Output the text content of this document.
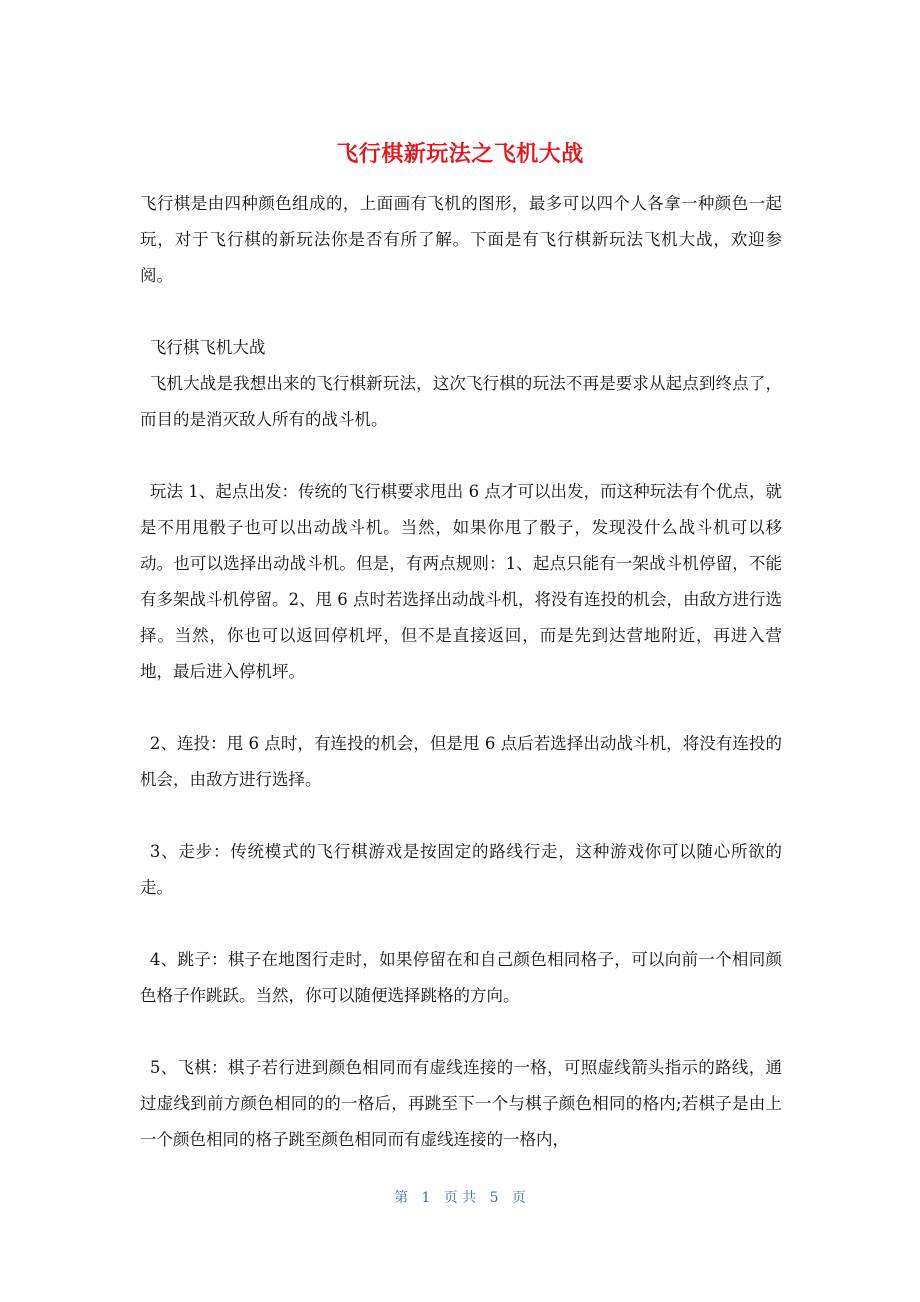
飞行棋新玩法之飞机大战

飞行棋是由四种颜色组成的，上面画有飞机的图形，最多可以四个人各拿一种颜色一起玩，对于飞行棋的新玩法你是否有所了解。下面是有飞行棋新玩法飞机大战，欢迎参阅。

飞行棋飞机大战

飞机大战是我想出来的飞行棋新玩法，这次飞行棋的玩法不再是要求从起点到终点了，而目的是消灭敌人所有的战斗机。

玩法 1、起点出发：传统的飞行棋要求甩出 6 点才可以出发，而这种玩法有个优点，就是不用甩骰子也可以出动战斗机。当然，如果你甩了骰子，发现没什么战斗机可以移动。也可以选择出动战斗机。但是，有两点规则：1、起点只能有一架战斗机停留，不能有多架战斗机停留。2、甩 6 点时若选择出动战斗机，将没有连投的机会，由敌方进行选择。当然，你也可以返回停机坪，但不是直接返回，而是先到达营地附近，再进入营地，最后进入停机坪。

2、连投：甩 6 点时，有连投的机会，但是甩 6 点后若选择出动战斗机，将没有连投的机会，由敌方进行选择。

3、走步：传统模式的飞行棋游戏是按固定的路线行走，这种游戏你可以随心所欲的走。

4、跳子：棋子在地图行走时，如果停留在和自己颜色相同格子，可以向前一个相同颜色格子作跳跃。当然，你可以随便选择跳格的方向。

5、飞棋：棋子若行进到颜色相同而有虚线连接的一格，可照虚线箭头指示的路线，通过虚线到前方颜色相同的的一格后，再跳至下一个与棋子颜色相同的格内;若棋子是由上一个颜色相同的格子跳至颜色相同而有虚线连接的一格内，

第 1 页 共 5 页
